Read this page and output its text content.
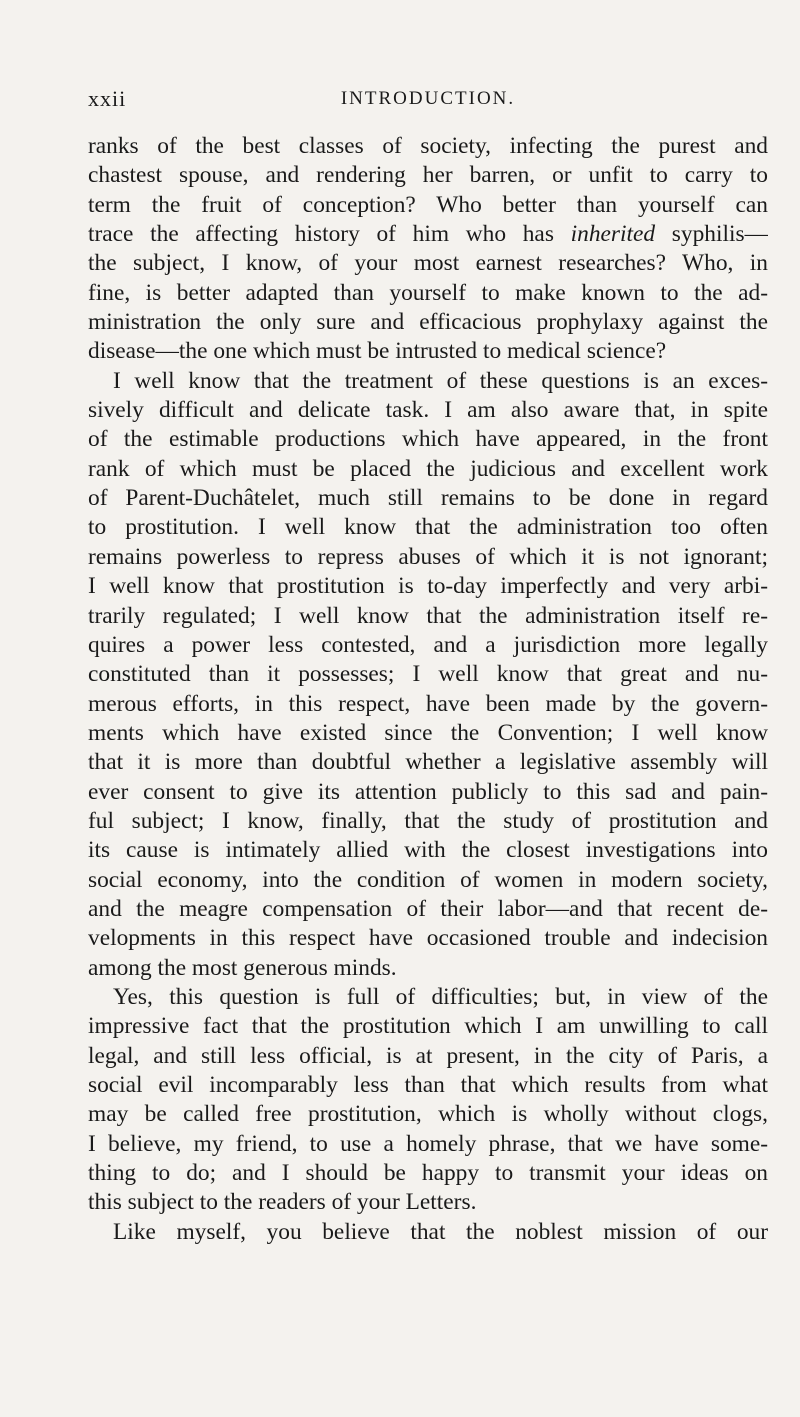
xxii	INTRODUCTION.
ranks of the best classes of society, infecting the purest and
chastest spouse, and rendering her barren, or unfit to carry to
term the fruit of conception? Who better than yourself can
trace the affecting history of him who has inherited syphilis—
the subject, I know, of your most earnest researches? Who, in
fine, is better adapted than yourself to make known to the ad-
ministration the only sure and efficacious prophylaxy against the
disease—the one which must be intrusted to medical science?
I well know that the treatment of these questions is an exces-
sively difficult and delicate task. I am also aware that, in spite
of the estimable productions which have appeared, in the front
rank of which must be placed the judicious and excellent work
of Parent-Duchâtelet, much still remains to be done in regard
to prostitution. I well know that the administration too often
remains powerless to repress abuses of which it is not ignorant;
I well know that prostitution is to-day imperfectly and very arbi-
trarily regulated; I well know that the administration itself re-
quires a power less contested, and a jurisdiction more legally
constituted than it possesses; I well know that great and nu-
merous efforts, in this respect, have been made by the govern-
ments which have existed since the Convention; I well know
that it is more than doubtful whether a legislative assembly will
ever consent to give its attention publicly to this sad and pain-
ful subject; I know, finally, that the study of prostitution and
its cause is intimately allied with the closest investigations into
social economy, into the condition of women in modern society,
and the meagre compensation of their labor—and that recent de-
velopments in this respect have occasioned trouble and indecision
among the most generous minds.
Yes, this question is full of difficulties; but, in view of the
impressive fact that the prostitution which I am unwilling to call
legal, and still less official, is at present, in the city of Paris, a
social evil incomparably less than that which results from what
may be called free prostitution, which is wholly without clogs,
I believe, my friend, to use a homely phrase, that we have some-
thing to do; and I should be happy to transmit your ideas on
this subject to the readers of your Letters.
Like myself, you believe that the noblest mission of our
